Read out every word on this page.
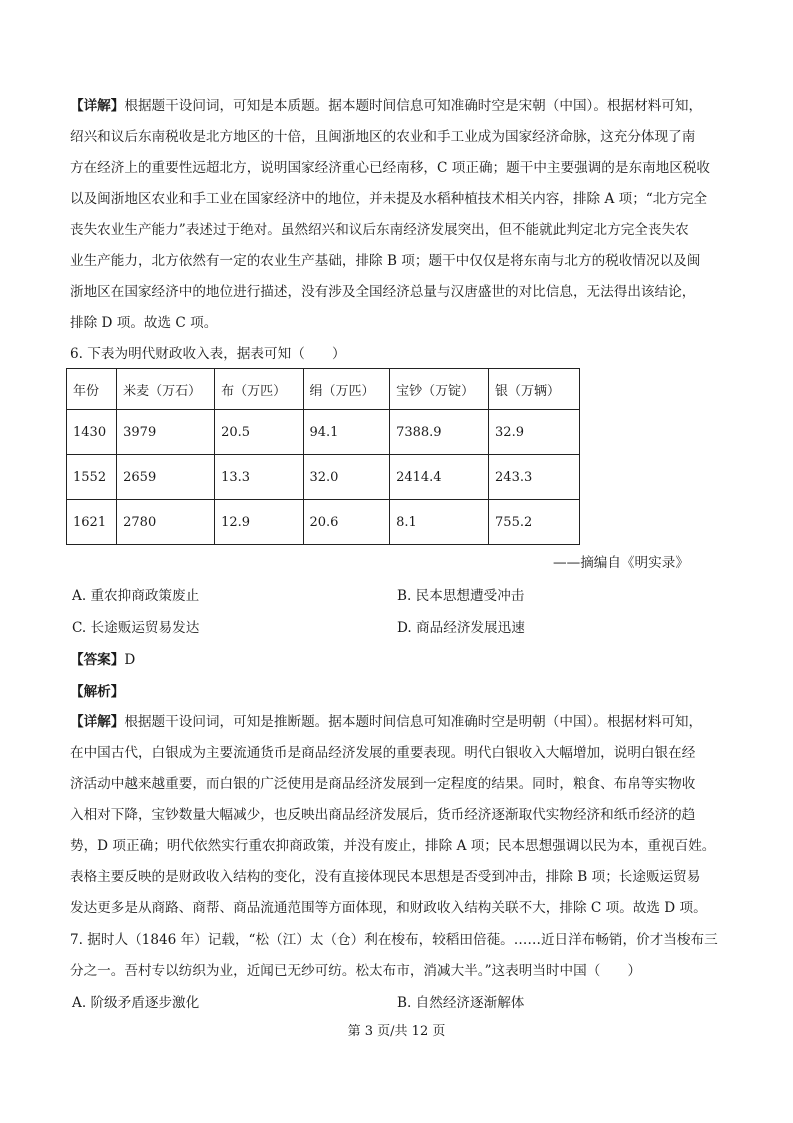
【详解】根据题干设问词，可知是本质题。据本题时间信息可知准确时空是宋朝（中国）。根据材料可知，
绍兴和议后东南税收是北方地区的十倍，且闽浙地区的农业和手工业成为国家经济命脉，这充分体现了南
方在经济上的重要性远超北方，说明国家经济重心已经南移，C 项正确；题干中主要强调的是东南地区税收
以及闽浙地区农业和手工业在国家经济中的地位，并未提及水稻种植技术相关内容，排除 A 项；“北方完全
丧失农业生产能力”表述过于绝对。虽然绍兴和议后东南经济发展突出，但不能就此判定北方完全丧失农
业生产能力，北方依然有一定的农业生产基础，排除 B 项；题干中仅仅是将东南与北方的税收情况以及闽
浙地区在国家经济中的地位进行描述，没有涉及全国经济总量与汉唐盛世的对比信息，无法得出该结论，
排除 D 项。故选 C 项。
6. 下表为明代财政收入表，据表可知（　　）
年份	米麦（万石）	布（万匹）	绢（万匹）	宝钞（万锭）	银（万辆）
1430	3979	20.5	94.1	7388.9	32.9
1552	2659	13.3	32.0	2414.4	243.3
1621	2780	12.9	20.6	8.1	755.2
——摘编自《明实录》
A. 重农抑商政策废止	B. 民本思想遭受冲击
C. 长途贩运贸易发达	D. 商品经济发展迅速
【答案】D
【解析】
【详解】根据题干设问词，可知是推断题。据本题时间信息可知准确时空是明朝（中国）。根据材料可知，
在中国古代，白银成为主要流通货币是商品经济发展的重要表现。明代白银收入大幅增加，说明白银在经
济活动中越来越重要，而白银的广泛使用是商品经济发展到一定程度的结果。同时，粮食、布帛等实物收
入相对下降，宝钞数量大幅减少，也反映出商品经济发展后，货币经济逐渐取代实物经济和纸币经济的趋
势，D 项正确；明代依然实行重农抑商政策，并没有废止，排除 A 项；民本思想强调以民为本，重视百姓。
表格主要反映的是财政收入结构的变化，没有直接体现民本思想是否受到冲击，排除 B 项；长途贩运贸易
发达更多是从商路、商帮、商品流通范围等方面体现，和财政收入结构关联不大，排除 C 项。故选 D 项。
7. 据时人（1846 年）记载，“松（江）太（仓）利在梭布，较稻田倍蓰。……近日洋布畅销，价才当梭布三
分之一。吾村专以纺织为业，近闻已无纱可纺。松太布市，消减大半。”这表明当时中国（　　）
A. 阶级矛盾逐步激化	B. 自然经济逐渐解体
第 3 页/共 12 页
